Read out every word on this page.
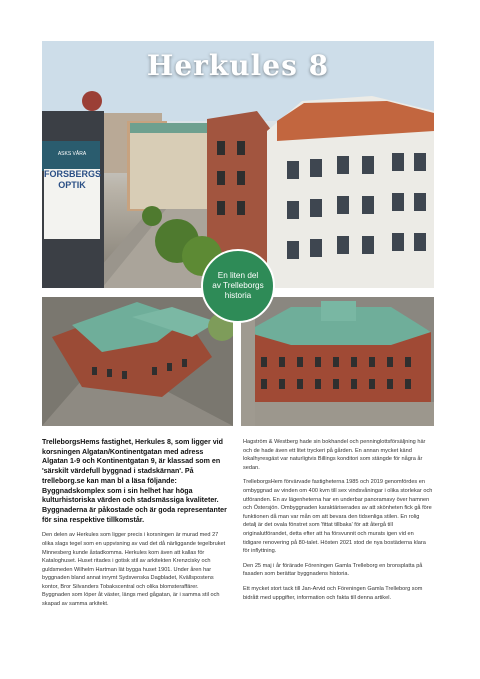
Herkules 8
FORSBERGS OPTIK
ASKS VÅRA
En liten del
av Trelleborgs
historia

TrelleborgsHems fastighet, Herkules 8, som ligger vid korsningen Algatan/Kontinentgatan med adress Algatan 1-9 och Kontinentgatan 9, är klassad som en 'särskilt värdefull byggnad i stadskärnan'. På trelleborg.se kan man bl a läsa följande: Byggnadskomplex som i sin helhet har höga kulturhistoriska värden och stadsmässiga kvaliteter. Byggnaderna är påkostade och är goda representanter för sina respektive tillkomstår.

Den delen av Herkules som ligger precis i korsningen är murad med 27 olika slags tegel som en uppvisning av vad det då närliggande tegelbruket Minnesberg kunde åstadkomma. Herkules kom även att kallas för Kataloghuset. Huset ritades i gotisk stil av arkitekten Krenzcisky och guldsmeden Wilhelm Hartman lät bygga huset 1901. Under åren har byggnaden bland annat inrymt Sydsvenska Dagbladet, Kvällspostens kontor, Bror Silvanders Tobakscentral och olika blomsteraffärer. Byggnaden som löper åt väster, längs med gågatan, är i samma stil och skapad av samma arkitekt.

Hagström & Westberg hade sin bokhandel och penninglottsförsäljning här och de hade även ett litet tryckeri på gården. En annan mycket känd lokalhyresgäst var naturligtvis Billings konditori som stängde för några år sedan.

TrelleborgsHem förvärvade fastigheterna 1985 och 2019 genomfördes en ombyggnad av vinden om 400 kvm till sex vindsvåningar i olika storlekar och utföranden. En av lägenheterna har en underbar panoramavy över hamnen och Östersjön. Ombyggnaden karaktäriserades av att skönheten fick gå före funktionen då man var mån om att bevara den tidsenliga stilen. En rolig detalj är det ovala fönstret som 'fittat tillbaka' för att återgå till originalutförandet, detta efter att ha försvunnit och murats igen vid en tidigare renovering på 80-talet. Hösten 2021 stod de nya bostäderna klara för inflyttning.

Den 25 maj i år förärade Föreningen Gamla Trelleborg en bronsplatta på fasaden som berättar byggnadens historia.

Ett mycket stort tack till Jan-Arvid och Föreningen Gamla Trelleborg som bidrått med uppgifter, information och fakta till denna artikel.
